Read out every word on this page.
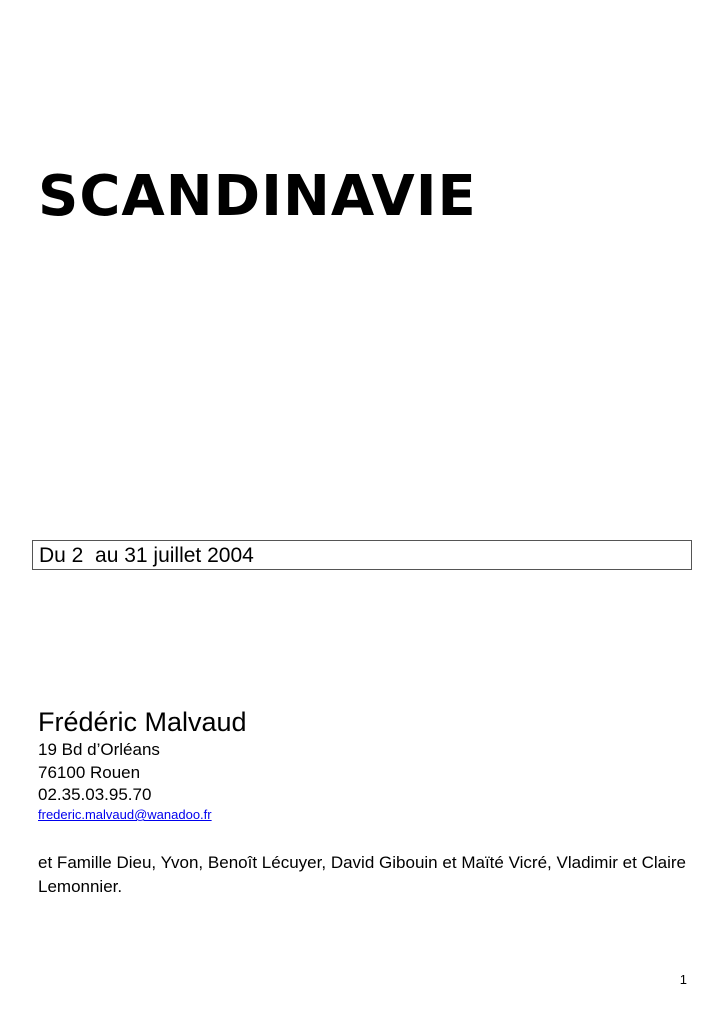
SCANDINAVIE
Du 2  au 31 juillet 2004
Frédéric Malvaud
19 Bd d’Orléans
76100 Rouen
02.35.03.95.70
frederic.malvaud@wanadoo.fr

et Famille Dieu, Yvon, Benoît Lécuyer, David Gibouin et Maïté Vicré, Vladimir et Claire Lemonnier.

1
